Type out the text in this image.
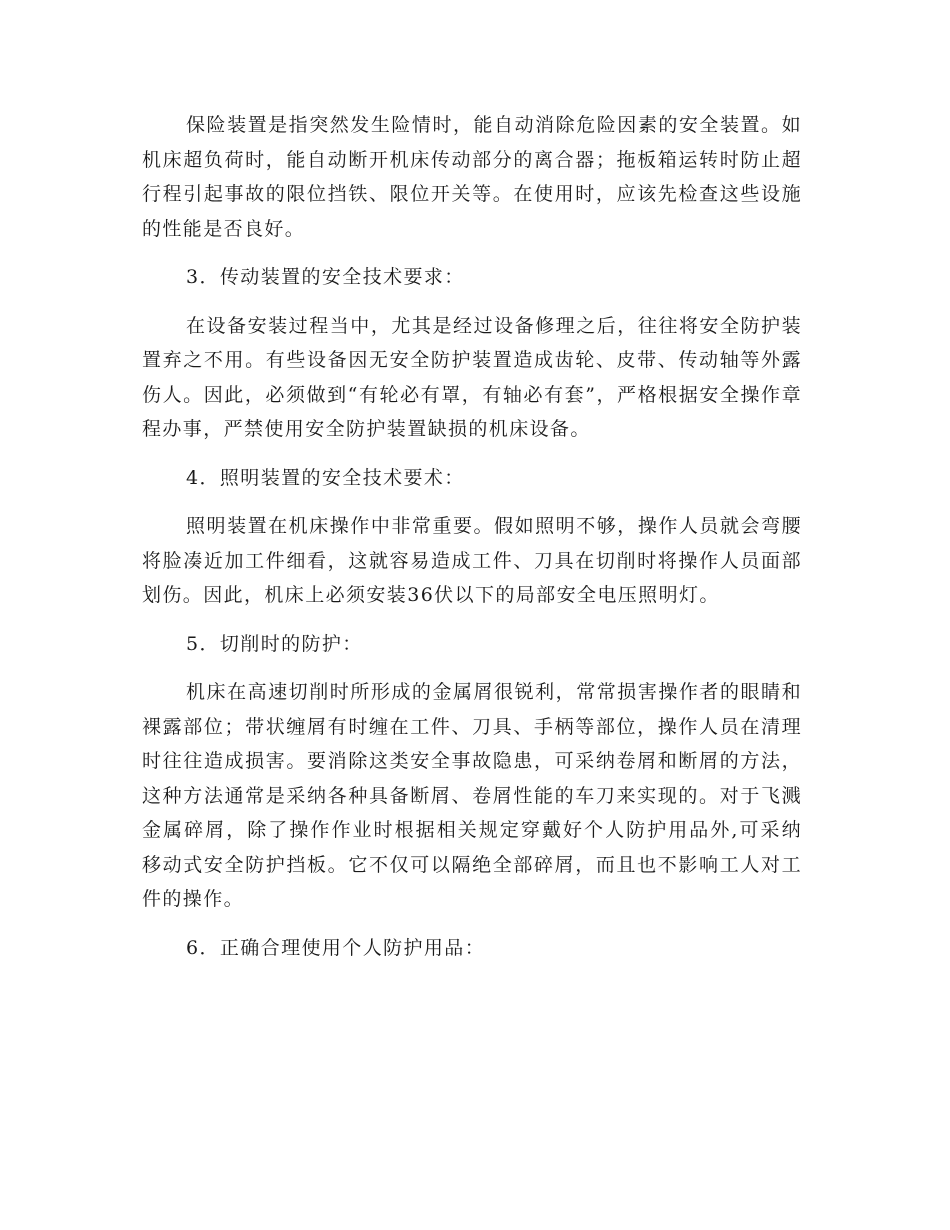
保险装置是指突然发生险情时，能自动消除危险因素的安全装置。如机床超负荷时，能自动断开机床传动部分的离合器；拖板箱运转时防止超行程引起事故的限位挡铁、限位开关等。在使用时，应该先检查这些设施的性能是否良好。

3．传动装置的安全技术要求：

在设备安装过程当中，尤其是经过设备修理之后，往往将安全防护装置弃之不用。有些设备因无安全防护装置造成齿轮、皮带、传动轴等外露伤人。因此，必须做到“有轮必有罩，有轴必有套”，严格根据安全操作章程办事，严禁使用安全防护装置缺损的机床设备。

4．照明装置的安全技术要术：

照明装置在机床操作中非常重要。假如照明不够，操作人员就会弯腰将脸凑近加工件细看，这就容易造成工件、刀具在切削时将操作人员面部划伤。因此，机床上必须安装36伏以下的局部安全电压照明灯。

5．切削时的防护：

机床在高速切削时所形成的金属屑很锐利，常常损害操作者的眼睛和裸露部位；带状缠屑有时缠在工件、刀具、手柄等部位，操作人员在清理时往往造成损害。要消除这类安全事故隐患，可采纳卷屑和断屑的方法，这种方法通常是采纳各种具备断屑、卷屑性能的车刀来实现的。对于飞溅金属碎屑，除了操作作业时根据相关规定穿戴好个人防护用品外,可采纳移动式安全防护挡板。它不仅可以隔绝全部碎屑，而且也不影响工人对工件的操作。

6．正确合理使用个人防护用品：
